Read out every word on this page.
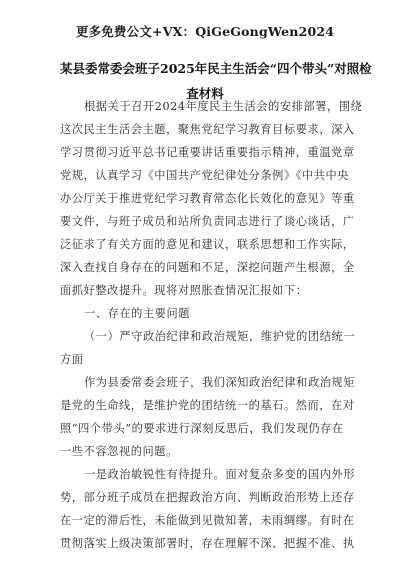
更多免费公文+VX：QiGeGongWen2024
某县委常委会班子2025年民主生活会“四个带头”对照检
查材料
根据关于召开2024年度民主生活会的安排部署，围绕
这次民主生活会主题，聚焦党纪学习教育目标要求，深入
学习贯彻习近平总书记重要讲话重要指示精神，重温党章
党规，认真学习《中国共产党纪律处分条例》《中共中央
办公厅关于推进党纪学习教育常态化长效化的意见》等重
要文件，与班子成员和站所负责同志进行了谈心谈话，广
泛征求了有关方面的意见和建议，联系思想和工作实际，
深入查找自身存在的问题和不足，深挖问题产生根源，全
面抓好整改提升。现将对照胀查情况汇报如下：
一、存在的主要问题
（一）严守政治纪律和政治规矩，维护党的团结统一
方面
作为县委常委会班子，我们深知政治纪律和政治规矩
是党的生命线，是维护党的团结统一的基石。然而，在对
照“四个带头”的要求进行深刻反思后，我们发现仍存在
一些不容忽视的问题。
一是政治敏锐性有待提升。面对复杂多变的国内外形
势，部分班子成员在把握政治方向、判断政治形势上还存
在一定的滞后性，未能做到见微知著，未雨绸缪。有时在
贯彻落实上级决策部署时，存在理解不深、把握不准、执
